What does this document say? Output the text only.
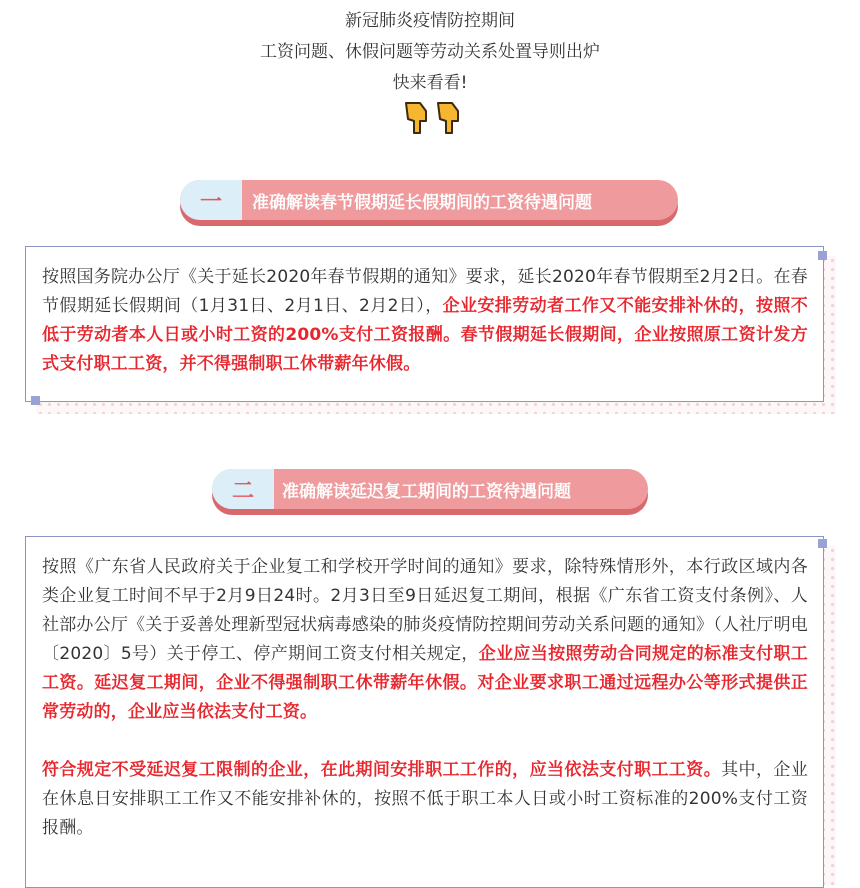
新冠肺炎疫情防控期间
工资问题、休假问题等劳动关系处置导则出炉
快来看看!
一	准确解读春节假期延长假期间的工资待遇问题

按照国务院办公厅《关于延长2020年春节假期的通知》要求，延长2020年春节假期至2月2日。在春节假期延长假期间（1月31日、2月1日、2月2日），企业安排劳动者工作又不能安排补休的，按照不低于劳动者本人日或小时工资的200%支付工资报酬。春节假期延长假期间，企业按照原工资计发方式支付职工工资，并不得强制职工休带薪年休假。

二	准确解读延迟复工期间的工资待遇问题

按照《广东省人民政府关于企业复工和学校开学时间的通知》要求，除特殊情形外，本行政区域内各类企业复工时间不早于2月9日24时。2月3日至9日延迟复工期间，根据《广东省工资支付条例》、人社部办公厅《关于妥善处理新型冠状病毒感染的肺炎疫情防控期间劳动关系问题的通知》（人社厅明电〔2020〕5号）关于停工、停产期间工资支付相关规定，企业应当按照劳动合同规定的标准支付职工工资。延迟复工期间，企业不得强制职工休带薪年休假。对企业要求职工通过远程办公等形式提供正常劳动的，企业应当依法支付工资。

符合规定不受延迟复工限制的企业，在此期间安排职工工作的，应当依法支付职工工资。其中，企业在休息日安排职工工作又不能安排补休的，按照不低于职工本人日或小时工资标准的200%支付工资报酬。
